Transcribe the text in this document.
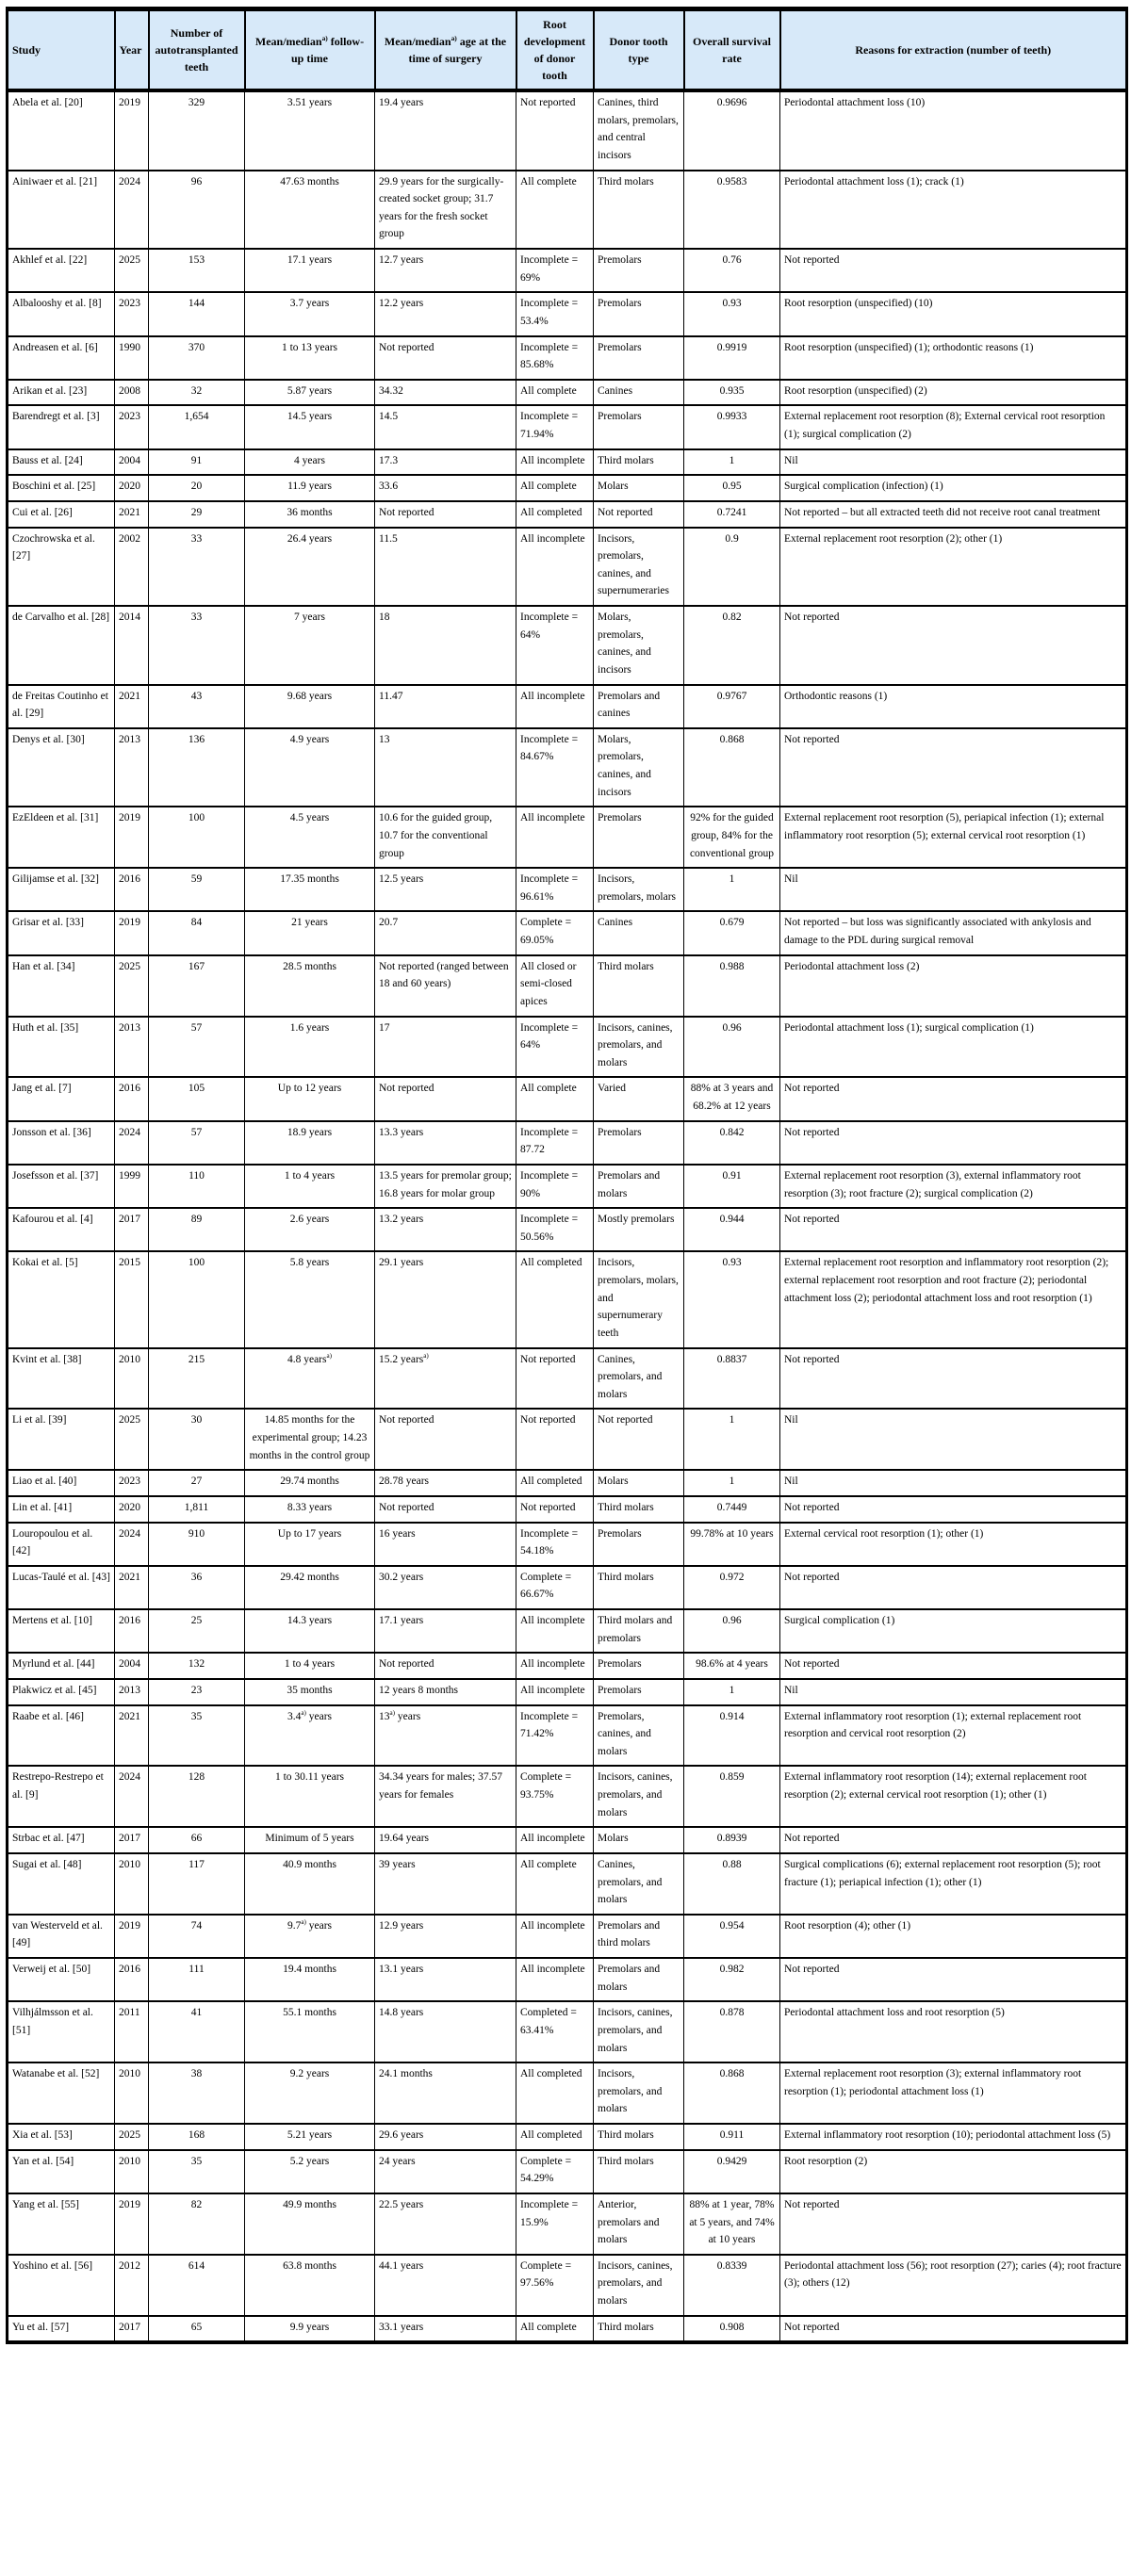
Study	Year	Number of autotransplanted teeth	Mean/median$^{a)}$ follow-up time	Mean/median$^{a)}$ age at the time of surgery	Root development of donor tooth	Donor tooth type	Overall survival rate	Reasons for extraction (number of teeth)
Abela et al. [20]	2019	329	3.51 years	19.4 years	Not reported	Canines, third molars, premolars, and central incisors	0.9696	Periodontal attachment loss (10)
Ainiwaer et al. [21]	2024	96	47.63 months	29.9 years for the surgically-created socket group; 31.7 years for the fresh socket group	All complete	Third molars	0.9583	Periodontal attachment loss (1); crack (1)
Akhlef et al. [22]	2025	153	17.1 years	12.7 years	Incomplete = 69%	Premolars	0.76	Not reported
Albalooshy et al. [8]	2023	144	3.7 years	12.2 years	Incomplete = 53.4%	Premolars	0.93	Root resorption (unspecified) (10)
Andreasen et al. [6]	1990	370	1 to 13 years	Not reported	Incomplete = 85.68%	Premolars	0.9919	Root resorption (unspecified) (1); orthodontic reasons (1)
Arikan et al. [23]	2008	32	5.87 years	34.32	All complete	Canines	0.935	Root resorption (unspecified) (2)
Barendregt et al. [3]	2023	1,654	14.5 years	14.5	Incomplete = 71.94%	Premolars	0.9933	External replacement root resorption (8); External cervical root resorption (1); surgical complication (2)
Bauss et al. [24]	2004	91	4 years	17.3	All incomplete	Third molars	1	Nil
Boschini et al. [25]	2020	20	11.9 years	33.6	All complete	Molars	0.95	Surgical complication (infection) (1)
Cui et al. [26]	2021	29	36 months	Not reported	All completed	Not reported	0.7241	Not reported – but all extracted teeth did not receive root canal treatment
Czochrowska et al. [27]	2002	33	26.4 years	11.5	All incomplete	Incisors, premolars, canines, and supernumeraries	0.9	External replacement root resorption (2); other (1)
de Carvalho et al. [28]	2014	33	7 years	18	Incomplete = 64%	Molars, premolars, canines, and incisors	0.82	Not reported
de Freitas Coutinho et al. [29]	2021	43	9.68 years	11.47	All incomplete	Premolars and canines	0.9767	Orthodontic reasons (1)
Denys et al. [30]	2013	136	4.9 years	13	Incomplete = 84.67%	Molars, premolars, canines, and incisors	0.868	Not reported
EzEldeen et al. [31]	2019	100	4.5 years	10.6 for the guided group, 10.7 for the conventional group	All incomplete	Premolars	92% for the guided group, 84% for the conventional group	External replacement root resorption (5), periapical infection (1); external inflammatory root resorption (5); external cervical root resorption (1)
Gilijamse et al. [32]	2016	59	17.35 months	12.5 years	Incomplete = 96.61%	Incisors, premolars, molars	1	Nil
Grisar et al. [33]	2019	84	21 years	20.7	Complete = 69.05%	Canines	0.679	Not reported – but loss was significantly associated with ankylosis and damage to the PDL during surgical removal
Han et al. [34]	2025	167	28.5 months	Not reported (ranged between 18 and 60 years)	All closed or semi-closed apices	Third molars	0.988	Periodontal attachment loss (2)
Huth et al. [35]	2013	57	1.6 years	17	Incomplete = 64%	Incisors, canines, premolars, and molars	0.96	Periodontal attachment loss (1); surgical complication (1)
Jang et al. [7]	2016	105	Up to 12 years	Not reported	All complete	Varied	88% at 3 years and 68.2% at 12 years	Not reported
Jonsson et al. [36]	2024	57	18.9 years	13.3 years	Incomplete = 87.72	Premolars	0.842	Not reported
Josefsson et al. [37]	1999	110	1 to 4 years	13.5 years for premolar group; 16.8 years for molar group	Incomplete = 90%	Premolars and molars	0.91	External replacement root resorption (3), external inflammatory root resorption (3); root fracture (2); surgical complication (2)
Kafourou et al. [4]	2017	89	2.6 years	13.2 years	Incomplete = 50.56%	Mostly premolars	0.944	Not reported
Kokai et al. [5]	2015	100	5.8 years	29.1 years	All completed	Incisors, premolars, molars, and supernumerary teeth	0.93	External replacement root resorption and inflammatory root resorption (2); external replacement root resorption and root fracture (2); periodontal attachment loss (2); periodontal attachment loss and root resorption (1)
Kvint et al. [38]	2010	215	4.8 years$^{a)}$	15.2 years$^{a)}$	Not reported	Canines, premolars, and molars	0.8837	Not reported
Li et al. [39]	2025	30	14.85 months for the experimental group; 14.23 months in the control group	Not reported	Not reported	Not reported	1	Nil
Liao et al. [40]	2023	27	29.74 months	28.78 years	All completed	Molars	1	Nil
Lin et al. [41]	2020	1,811	8.33 years	Not reported	Not reported	Third molars	0.7449	Not reported
Louropoulou et al. [42]	2024	910	Up to 17 years	16 years	Incomplete = 54.18%	Premolars	99.78% at 10 years	External cervical root resorption (1); other (1)
Lucas-Taulé et al. [43]	2021	36	29.42 months	30.2 years	Complete = 66.67%	Third molars	0.972	Not reported
Mertens et al. [10]	2016	25	14.3 years	17.1 years	All incomplete	Third molars and premolars	0.96	Surgical complication (1)
Myrlund et al. [44]	2004	132	1 to 4 years	Not reported	All incomplete	Premolars	98.6% at 4 years	Not reported
Plakwicz et al. [45]	2013	23	35 months	12 years 8 months	All incomplete	Premolars	1	Nil
Raabe et al. [46]	2021	35	3.4$^{a)}$ years	13$^{a)}$ years	Incomplete = 71.42%	Premolars, canines, and molars	0.914	External inflammatory root resorption (1); external replacement root resorption and cervical root resorption (2)
Restrepo-Restrepo et al. [9]	2024	128	1 to 30.11 years	34.34 years for males; 37.57 years for females	Complete = 93.75%	Incisors, canines, premolars, and molars	0.859	External inflammatory root resorption (14); external replacement root resorption (2); external cervical root resorption (1); other (1)
Strbac et al. [47]	2017	66	Minimum of 5 years	19.64 years	All incomplete	Molars	0.8939	Not reported
Sugai et al. [48]	2010	117	40.9 months	39 years	All complete	Canines, premolars, and molars	0.88	Surgical complications (6); external replacement root resorption (5); root fracture (1); periapical infection (1); other (1)
van Westerveld et al. [49]	2019	74	9.7$^{a)}$ years	12.9 years	All incomplete	Premolars and third molars	0.954	Root resorption (4); other (1)
Verweij et al. [50]	2016	111	19.4 months	13.1 years	All incomplete	Premolars and molars	0.982	Not reported
Vilhjálmsson et al. [51]	2011	41	55.1 months	14.8 years	Completed = 63.41%	Incisors, canines, premolars, and molars	0.878	Periodontal attachment loss and root resorption (5)
Watanabe et al. [52]	2010	38	9.2 years	24.1 months	All completed	Incisors, premolars, and molars	0.868	External replacement root resorption (3); external inflammatory root resorption (1); periodontal attachment loss (1)
Xia et al. [53]	2025	168	5.21 years	29.6 years	All completed	Third molars	0.911	External inflammatory root resorption (10); periodontal attachment loss (5)
Yan et al. [54]	2010	35	5.2 years	24 years	Complete = 54.29%	Third molars	0.9429	Root resorption (2)
Yang et al. [55]	2019	82	49.9 months	22.5 years	Incomplete = 15.9%	Anterior, premolars and molars	88% at 1 year, 78% at 5 years, and 74% at 10 years	Not reported
Yoshino et al. [56]	2012	614	63.8 months	44.1 years	Complete = 97.56%	Incisors, canines, premolars, and molars	0.8339	Periodontal attachment loss (56); root resorption (27); caries (4); root fracture (3); others (12)
Yu et al. [57]	2017	65	9.9 years	33.1 years	All complete	Third molars	0.908	Not reported
